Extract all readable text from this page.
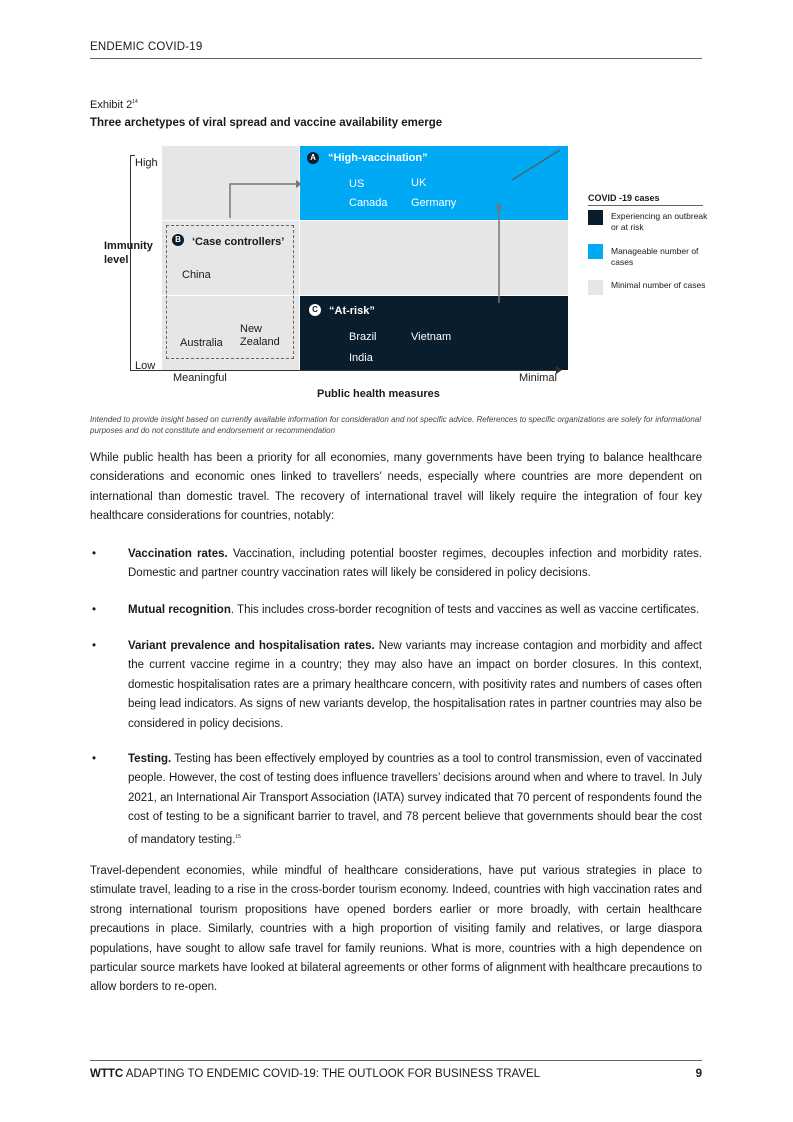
ENDEMIC COVID-19
Exhibit $2^{14}$
Three archetypes of viral spread and vaccine availability emerge
High
Low
Immunity
level
Meaningful	Minimal
Public health measures
A “High-vaccination”
US	UK
Canada Germany
B ‘Case controllers’
China
Australia
New
Zealand
C “At-risk”
Brazil	Vietnam
India
COVID -19 cases
Experiencing an outbreak or at risk
Manageable number of cases
Minimal number of cases
Intended to provide insight based on currently available information for consideration and not specific advice. References to specific organizations are solely for informational purposes and do not constitute and endorsement or recommendation
While public health has been a priority for all economies, many governments have been trying to balance healthcare considerations and economic ones linked to travellers’ needs, especially where countries are more dependent on international than domestic travel. The recovery of international travel will likely require the integration of four key healthcare considerations for countries, notably:
•	Vaccination rates. Vaccination, including potential booster regimes, decouples infection and morbidity rates. Domestic and partner country vaccination rates will likely be considered in policy decisions.
•	Mutual recognition. This includes cross-border recognition of tests and vaccines as well as vaccine certificates.
•	Variant prevalence and hospitalisation rates. New variants may increase contagion and morbidity and affect the current vaccine regime in a country; they may also have an impact on border closures. In this context, domestic hospitalisation rates are a primary healthcare concern, with positivity rates and numbers of cases often being lead indicators. As signs of new variants develop, the hospitalisation rates in partner countries may also be considered in policy decisions.
•	Testing. Testing has been effectively employed by countries as a tool to control transmission, even of vaccinated people. However, the cost of testing does influence travellers’ decisions around when and where to travel. In July 2021, an International Air Transport Association (IATA) survey indicated that 70 percent of respondents found the cost of testing to be a significant barrier to travel, and 78 percent believe that governments should bear the cost of mandatory testing.$^{15}$
Travel-dependent economies, while mindful of healthcare considerations, have put various strategies in place to stimulate travel, leading to a rise in the cross-border tourism economy. Indeed, countries with high vaccination rates and strong international tourism propositions have opened borders earlier or more broadly, with certain healthcare precautions in place. Similarly, countries with a high proportion of visiting family and relatives, or large diaspora populations, have sought to allow safe travel for family reunions. What is more, countries with a high dependence on particular source markets have looked at bilateral agreements or other forms of alignment with healthcare precautions to allow borders to re-open.
WTTC ADAPTING TO ENDEMIC COVID-19: THE OUTLOOK FOR BUSINESS TRAVEL	9
